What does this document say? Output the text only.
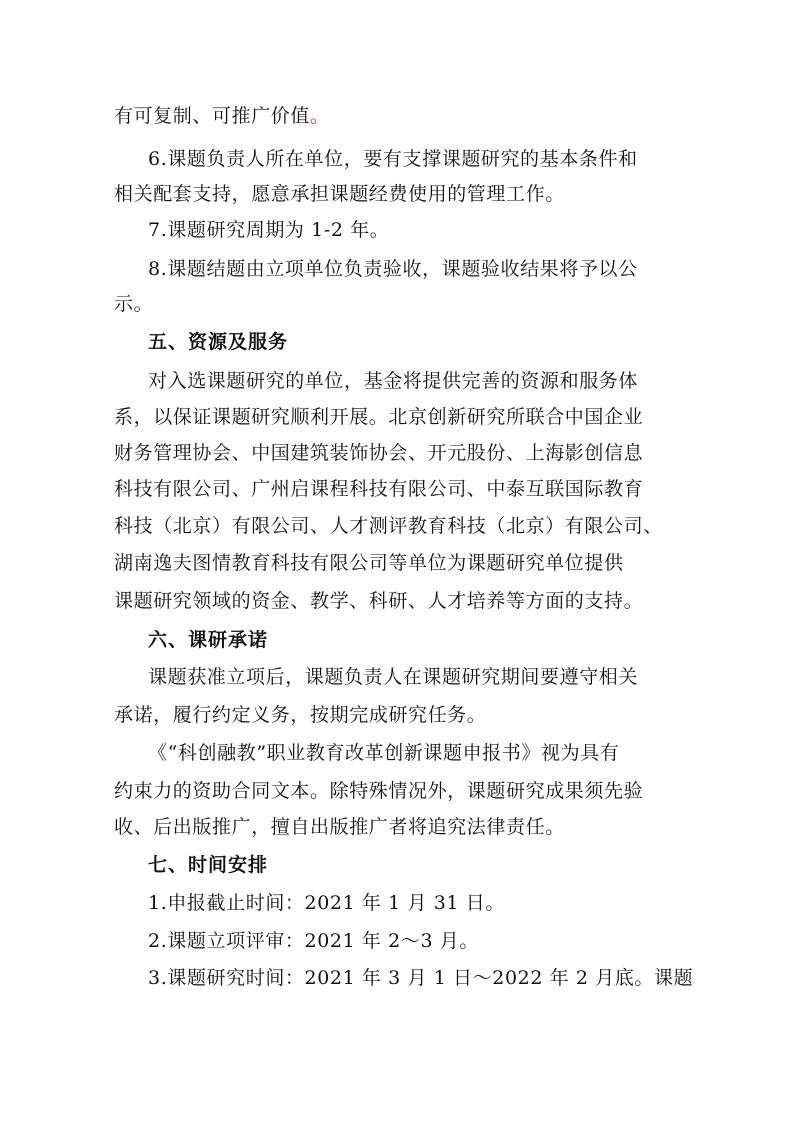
有可复制、可推广价值。
6.课题负责人所在单位，要有支撑课题研究的基本条件和
相关配套支持，愿意承担课题经费使用的管理工作。
7.课题研究周期为 1-2 年。
8.课题结题由立项单位负责验收，课题验收结果将予以公
示。
五、资源及服务
对入选课题研究的单位，基金将提供完善的资源和服务体
系，以保证课题研究顺利开展。北京创新研究所联合中国企业
财务管理协会、中国建筑装饰协会、开元股份、上海影创信息
科技有限公司、广州启课程科技有限公司、中泰互联国际教育
科技（北京）有限公司、人才测评教育科技（北京）有限公司、
湖南逸夫图情教育科技有限公司等单位为课题研究单位提供
课题研究领域的资金、教学、科研、人才培养等方面的支持。
六、课研承诺
课题获准立项后，课题负责人在课题研究期间要遵守相关
承诺，履行约定义务，按期完成研究任务。
《“科创融教”职业教育改革创新课题申报书》视为具有
约束力的资助合同文本。除特殊情况外，课题研究成果须先验
收、后出版推广，擅自出版推广者将追究法律责任。
七、时间安排
1.申报截止时间：2021 年 1 月 31 日。
2.课题立项评审：2021 年 2～3 月。
3.课题研究时间：2021 年 3 月 1 日～2022 年 2 月底。课题
